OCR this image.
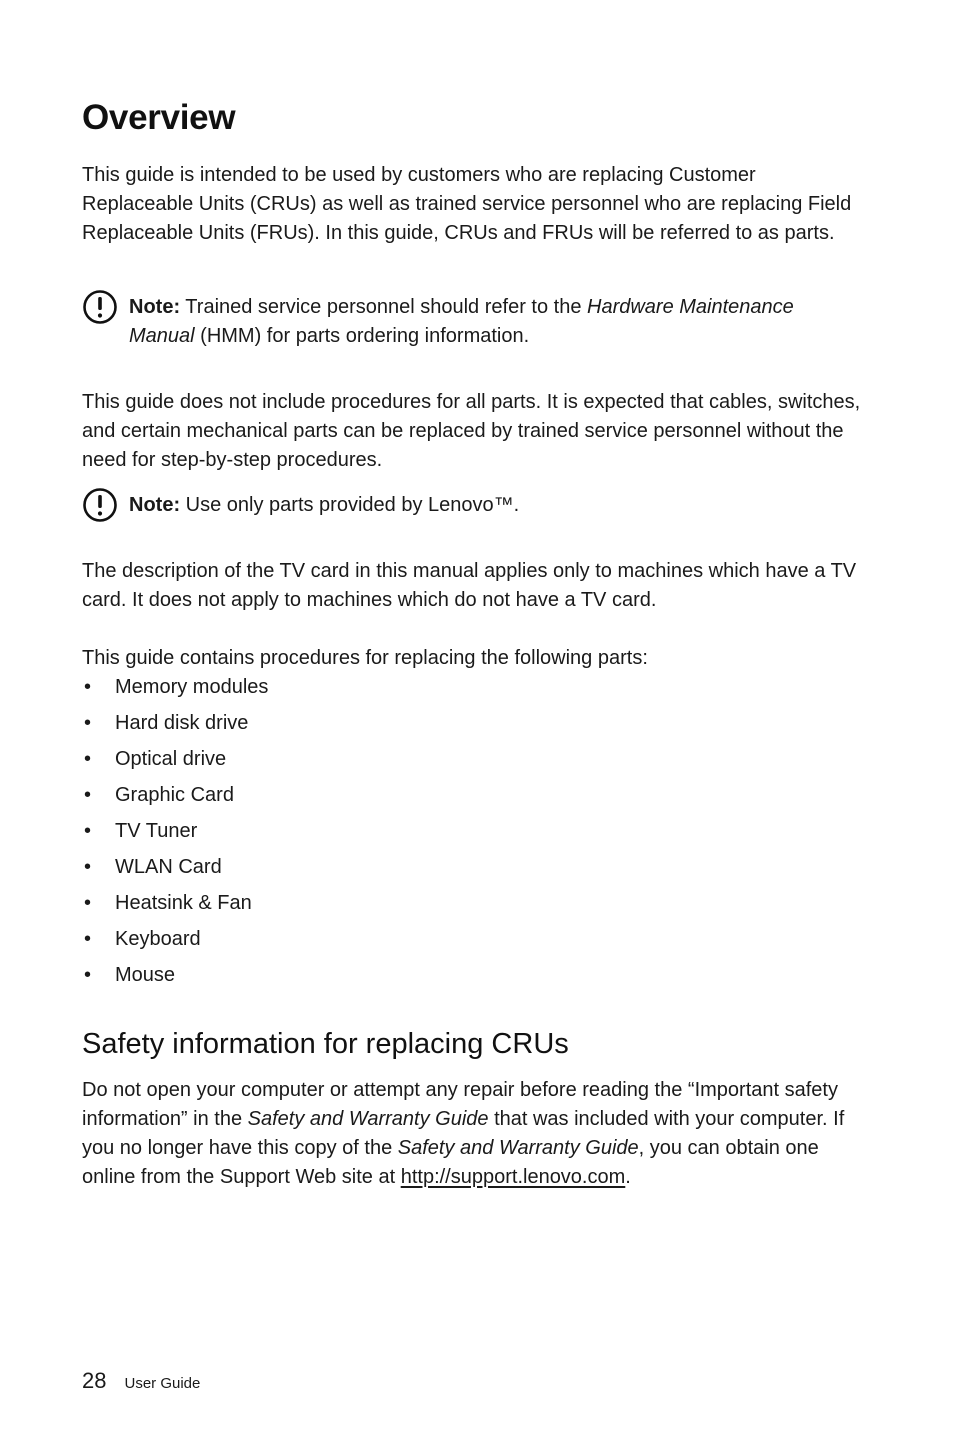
Overview

This guide is intended to be used by customers who are replacing Customer Replaceable Units (CRUs) as well as trained service personnel who are replacing Field Replaceable Units (FRUs). In this guide, CRUs and FRUs will be referred to as parts.

Note: Trained service personnel should refer to the Hardware Maintenance Manual (HMM) for parts ordering information.

This guide does not include procedures for all parts. It is expected that cables, switches, and certain mechanical parts can be replaced by trained service personnel without the need for step-by-step procedures.

Note: Use only parts provided by Lenovo™.

The description of the TV card in this manual applies only to machines which have a TV card. It does not apply to machines which do not have a TV card.

This guide contains procedures for replacing the following parts:

• Memory modules
• Hard disk drive
• Optical drive
• Graphic Card
• TV Tuner
• WLAN Card
• Heatsink & Fan
• Keyboard
• Mouse
Safety information for replacing CRUs

Do not open your computer or attempt any repair before reading the “Important safety information” in the Safety and Warranty Guide that was included with your computer. If you no longer have this copy of the Safety and Warranty Guide, you can obtain one online from the Support Web site at http://support.lenovo.com.

28 User Guide
